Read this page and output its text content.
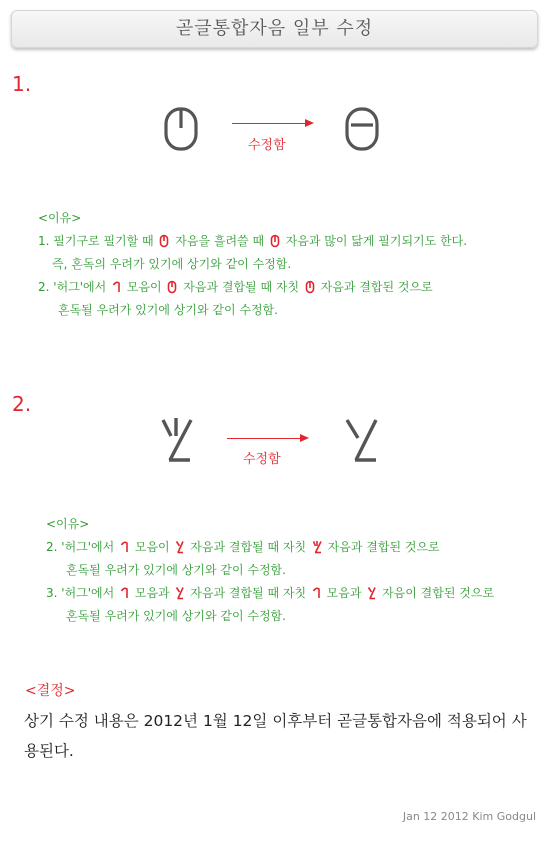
곧글통합자음 일부 수정
1.
수정함
<이유>
1. 필기구로 필기할 때  자음을 흘려쓸 때  자음과 많이 닮게 필기되기도 한다.
즉, 혼독의 우려가 있기에 상기와 같이 수정함.
2. '허그'에서  모음이  자음과 결합될 때 자칫  자음과 결합된 것으로
혼독될 우려가 있기에 상기와 같이 수정함.
2.
수정함
<이유>
2. '허그'에서  모음이  자음과 결합될 때 자칫  자음과 결합된 것으로
혼독될 우려가 있기에 상기와 같이 수정함.
3. '허그'에서  모음과  자음과 결합될 때 자칫  모음과  자음이 결합된 것으로
혼독될 우려가 있기에 상기와 같이 수정함.
<결정>
상기 수정 내용은 2012년 1월 12일 이후부터 곧글통합자음에 적용되어 사용된다.
Jan 12 2012 Kim Godgul
